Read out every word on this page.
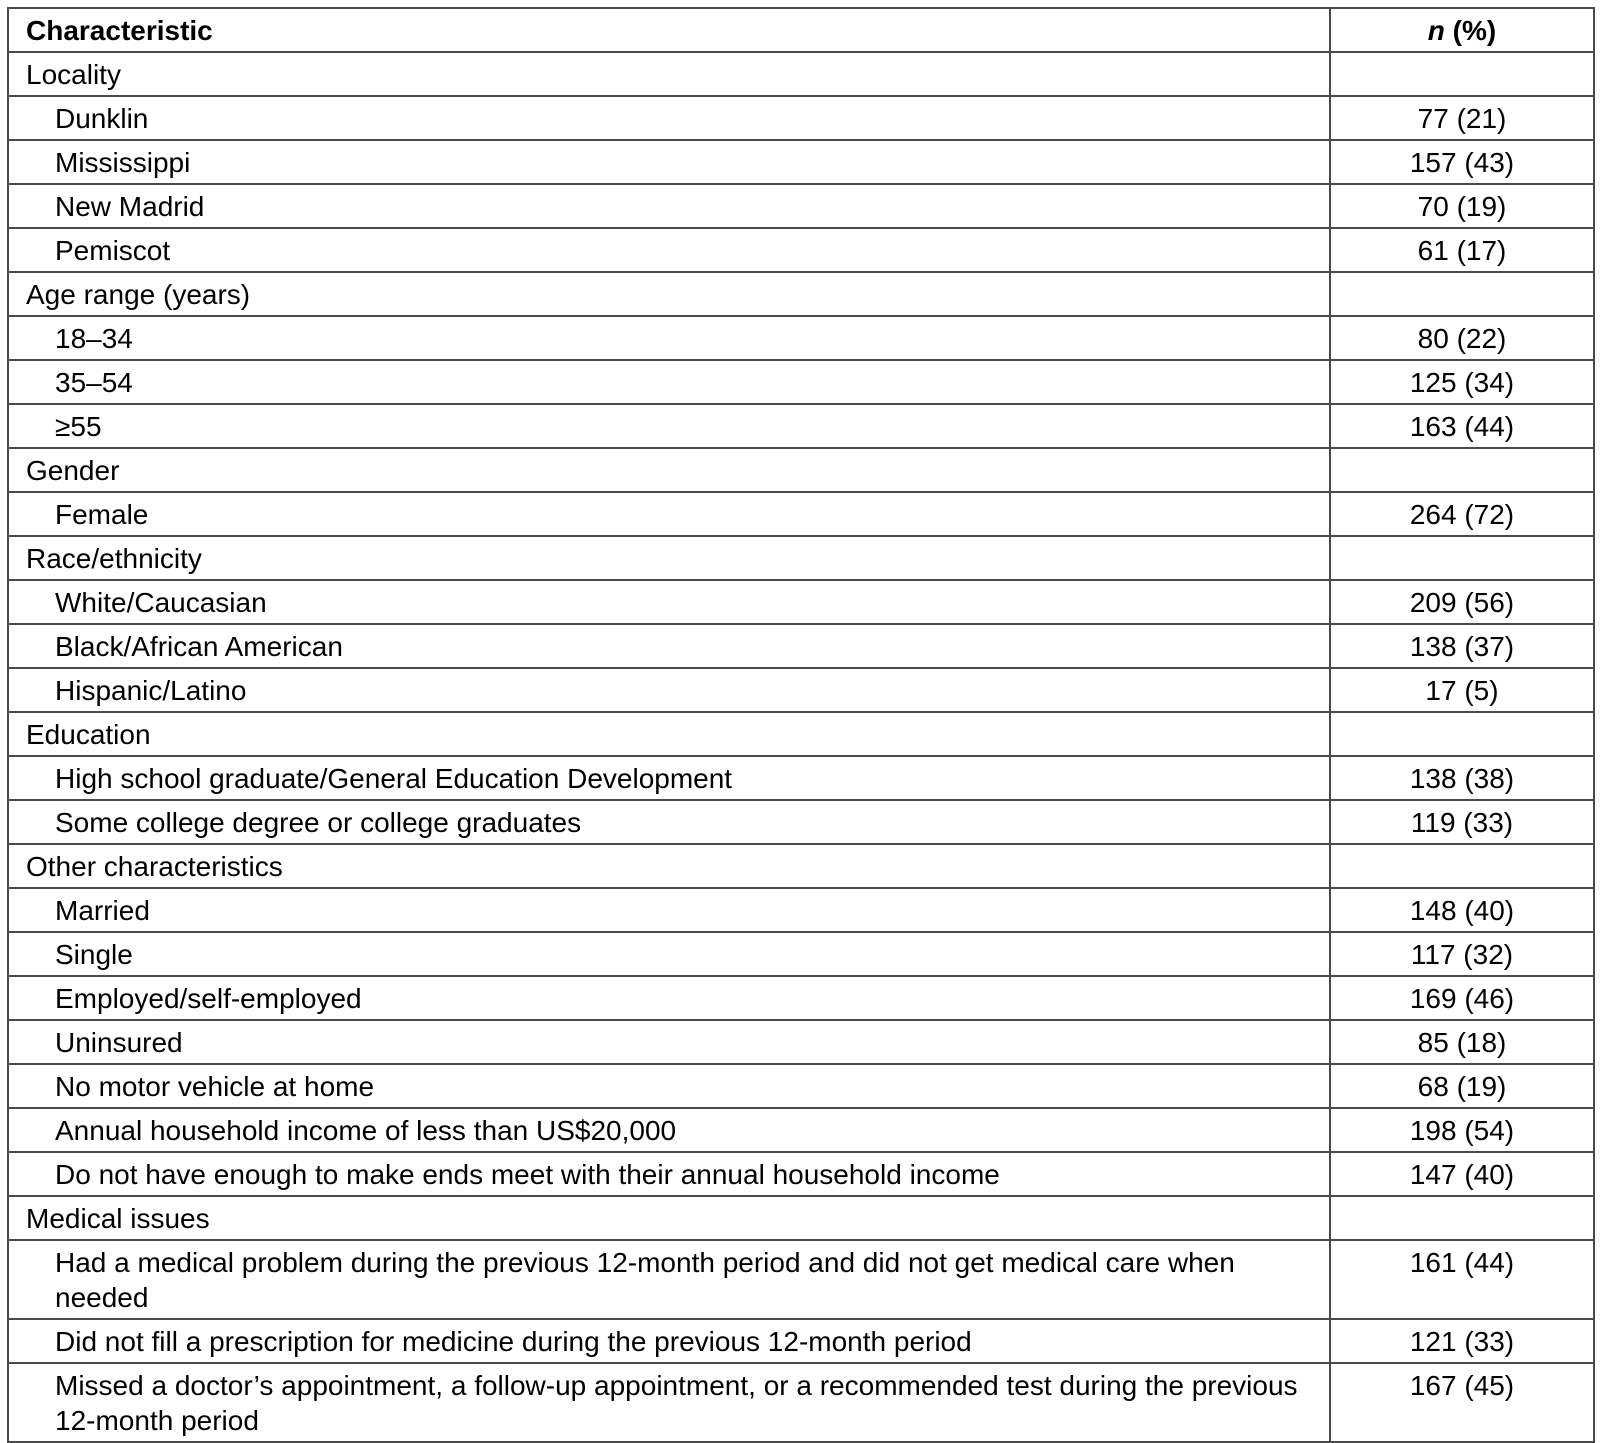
Characteristic	n (%)
Locality	
Dunklin	77 (21)
Mississippi	157 (43)
New Madrid	70 (19)
Pemiscot	61 (17)
Age range (years)	
18–34	80 (22)
35–54	125 (34)
≥55	163 (44)
Gender	
Female	264 (72)
Race/ethnicity	
White/Caucasian	209 (56)
Black/African American	138 (37)
Hispanic/Latino	17 (5)
Education	
High school graduate/General Education Development	138 (38)
Some college degree or college graduates	119 (33)
Other characteristics	
Married	148 (40)
Single	117 (32)
Employed/self-employed	169 (46)
Uninsured	85 (18)
No motor vehicle at home	68 (19)
Annual household income of less than US$20,000	198 (54)
Do not have enough to make ends meet with their annual household income	147 (40)
Medical issues	
Had a medical problem during the previous 12-month period and did not get medical care when needed	161 (44)
Did not fill a prescription for medicine during the previous 12-month period	121 (33)
Missed a doctor’s appointment, a follow-up appointment, or a recommended test during the previous 12-month period	167 (45)
